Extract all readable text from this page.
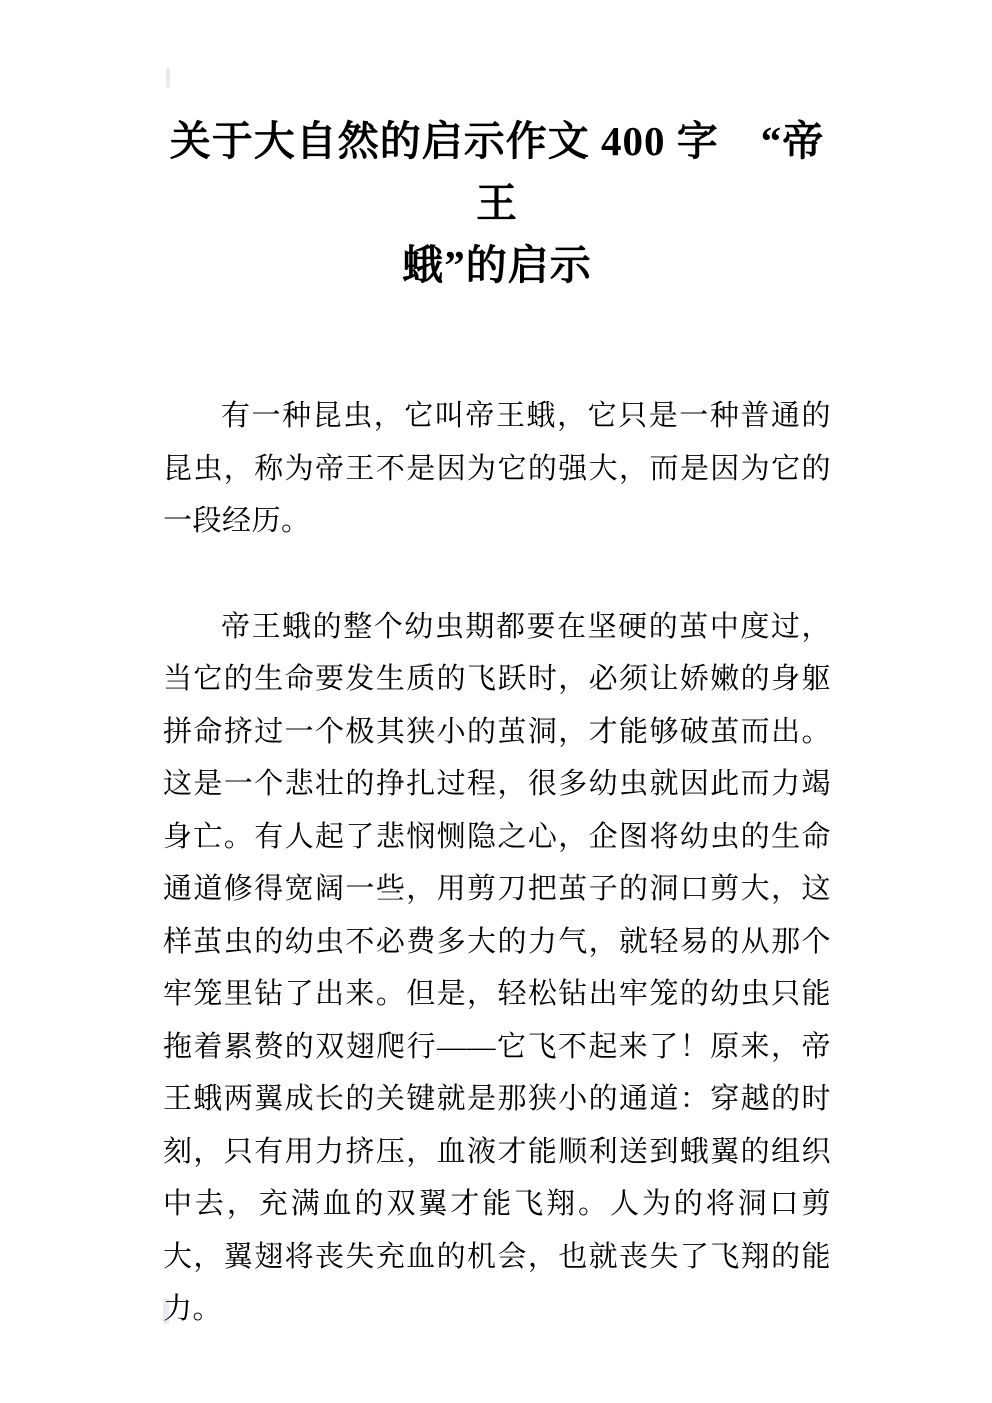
关于大自然的启示作文 400 字　“帝王
蛾”的启示

有一种昆虫，它叫帝王蛾，它只是一种普通的昆虫，称为帝王不是因为它的强大，而是因为它的一段经历。

帝王蛾的整个幼虫期都要在坚硬的茧中度过，当它的生命要发生质的飞跃时，必须让娇嫩的身躯拼命挤过一个极其狭小的茧洞，才能够破茧而出。这是一个悲壮的挣扎过程，很多幼虫就因此而力竭身亡。有人起了悲悯恻隐之心，企图将幼虫的生命通道修得宽阔一些，用剪刀把茧子的洞口剪大，这样茧虫的幼虫不必费多大的力气，就轻易的从那个牢笼里钻了出来。但是，轻松钻出牢笼的幼虫只能拖着累赘的双翅爬行——它飞不起来了！原来，帝王蛾两翼成长的关键就是那狭小的通道：穿越的时刻，只有用力挤压，血液才能顺利送到蛾翼的组织中去，充满血的双翼才能飞翔。人为的将洞口剪大，翼翅将丧失充血的机会，也就丧失了飞翔的能力。
